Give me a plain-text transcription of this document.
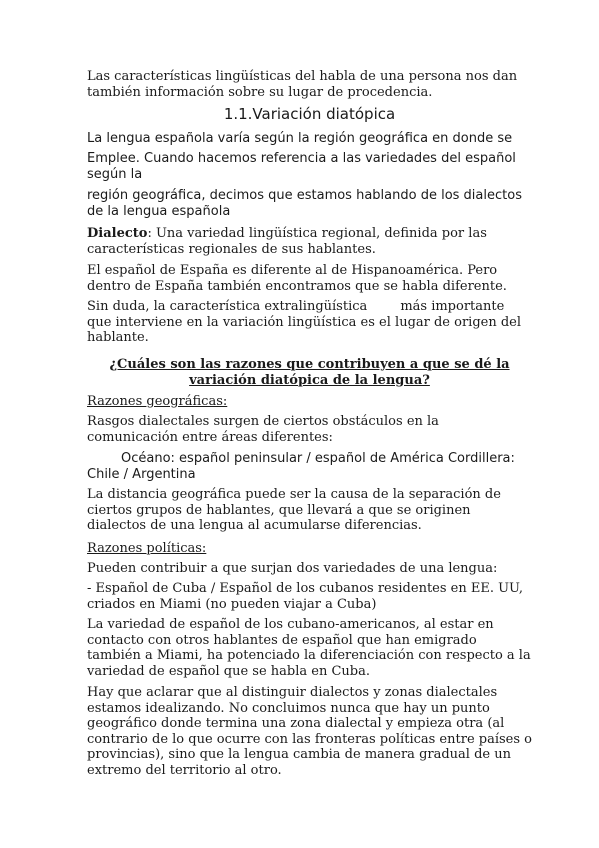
Las características lingüísticas del habla de una persona nos dan también información sobre su lugar de procedencia.

1.1.Variación diatópica

La lengua española varía según la región geográfica en donde se

Emplee. Cuando hacemos referencia a las variedades del español según la

región geográfica, decimos que estamos hablando de los dialectos de la lengua española

Dialecto: Una variedad lingüística regional, definida por las características regionales de sus hablantes.

El español de España es diferente al de Hispanoamérica. Pero dentro de España también encontramos que se habla diferente.

Sin duda, la característica extralingüística        más importante que interviene en la variación lingüística es el lugar de origen del hablante.

¿Cuáles son las razones que contribuyen a que se dé la variación diatópica de la lengua?

Razones geográficas:

Rasgos dialectales surgen de ciertos obstáculos en la comunicación entre áreas diferentes:

Océano: español peninsular / español de América Cordillera: Chile / Argentina

La distancia geográfica puede ser la causa de la separación de ciertos grupos de hablantes, que llevará a que se originen dialectos de una lengua al acumularse diferencias.

Razones políticas:

Pueden contribuir a que surjan dos variedades de una lengua:

- Español de Cuba / Español de los cubanos residentes en EE. UU, criados en Miami (no pueden viajar a Cuba)

La variedad de español de los cubano-americanos, al estar en contacto con otros hablantes de español que han emigrado también a Miami, ha potenciado la diferenciación con respecto a la variedad de español que se habla en Cuba.

Hay que aclarar que al distinguir dialectos y zonas dialectales estamos idealizando. No concluimos nunca que hay un punto geográfico donde termina una zona dialectal y empieza otra (al contrario de lo que ocurre con las fronteras políticas entre países o provincias), sino que la lengua cambia de manera gradual de un extremo del territorio al otro.
